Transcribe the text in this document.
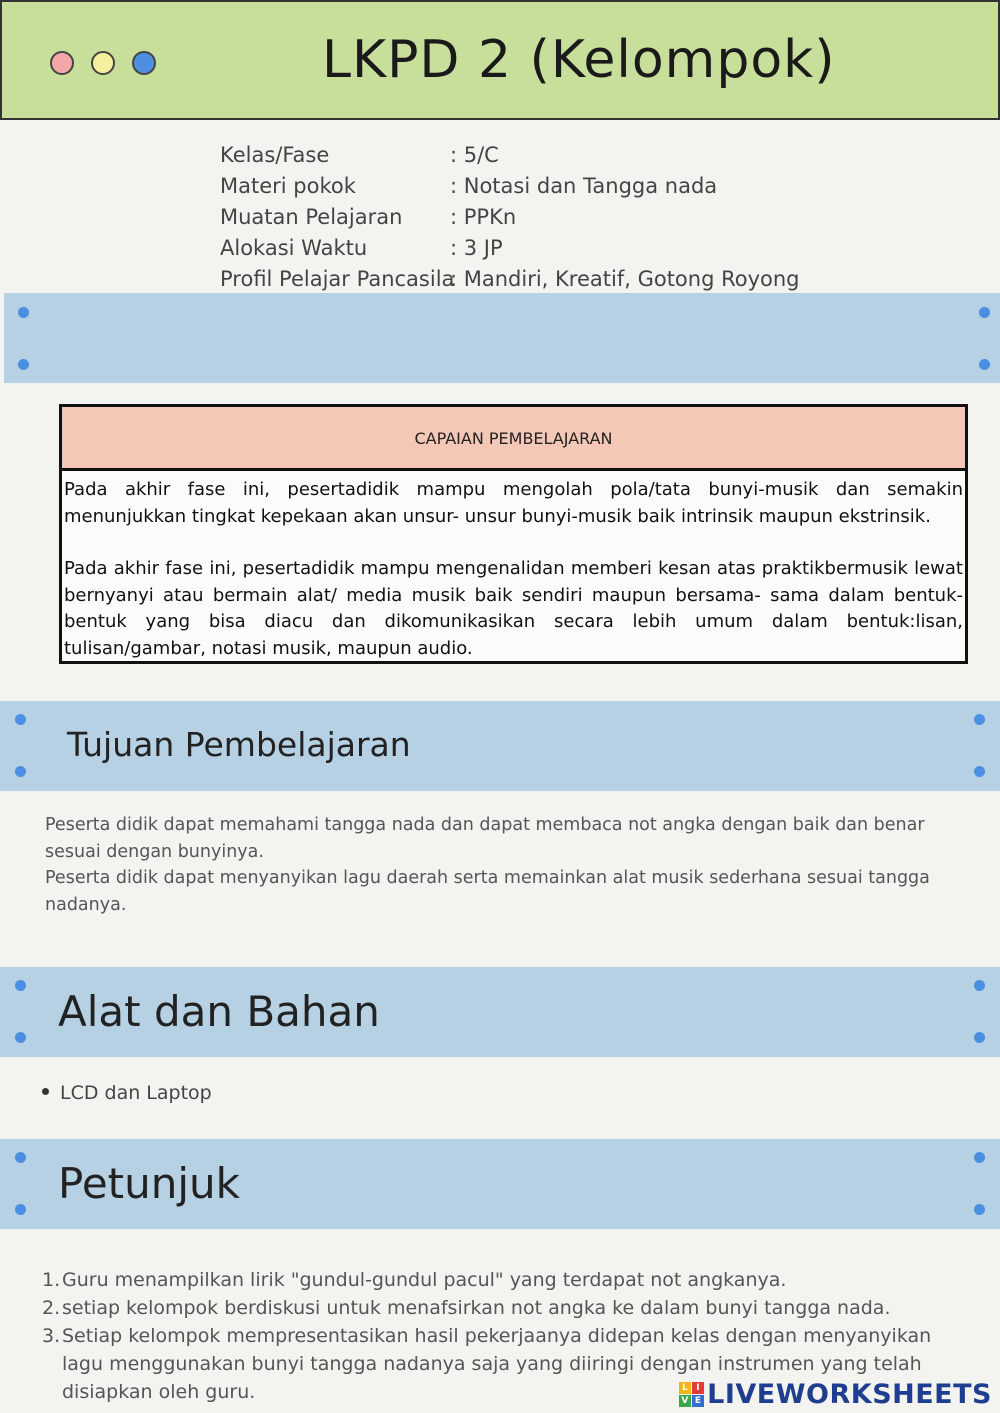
LKPD 2 (Kelompok)
Kelas/Fase	: 5/C
Materi pokok	: Notasi dan Tangga nada
Muatan Pelajaran : PPKn
Alokasi Waktu	: 3 JP
Profil Pelajar Pancasila
: Mandiri, Kreatif, Gotong Royong
CAPAIAN PEMBELAJARAN

Pada akhir fase ini, pesertadidik mampu mengolah pola/tata bunyi-musik dan semakin menunjukkan tingkat kepekaan akan unsur- unsur bunyi-musik baik intrinsik maupun ekstrinsik.

Pada akhir fase ini, pesertadidik mampu mengenalidan memberi kesan atas praktikbermusik lewat bernyanyi atau bermain alat/ media musik baik sendiri maupun bersama- sama dalam bentuk-bentuk yang bisa diacu dan dikomunikasikan secara lebih umum dalam bentuk:lisan, tulisan/gambar, notasi musik, maupun audio.

Tujuan Pembelajaran
Peserta didik dapat memahami tangga nada dan dapat membaca not angka dengan baik dan benar sesuai dengan bunyinya.
Peserta didik dapat menyanyikan lagu daerah serta memainkan alat musik sederhana sesuai tangga nadanya.
Alat dan Bahan
LCD dan Laptop
Petunjuk
1. Guru menampilkan lirik "gundul-gundul pacul" yang terdapat not angkanya.
2. setiap kelompok berdiskusi untuk menafsirkan not angka ke dalam bunyi tangga nada.
3. Setiap kelompok mempresentasikan hasil pekerjaanya didepan kelas dengan menyanyikan lagu menggunakan bunyi tangga nadanya saja yang diiringi dengan instrumen yang telah disiapkan oleh guru.	L I
V E LIVEWORKSHEETS
